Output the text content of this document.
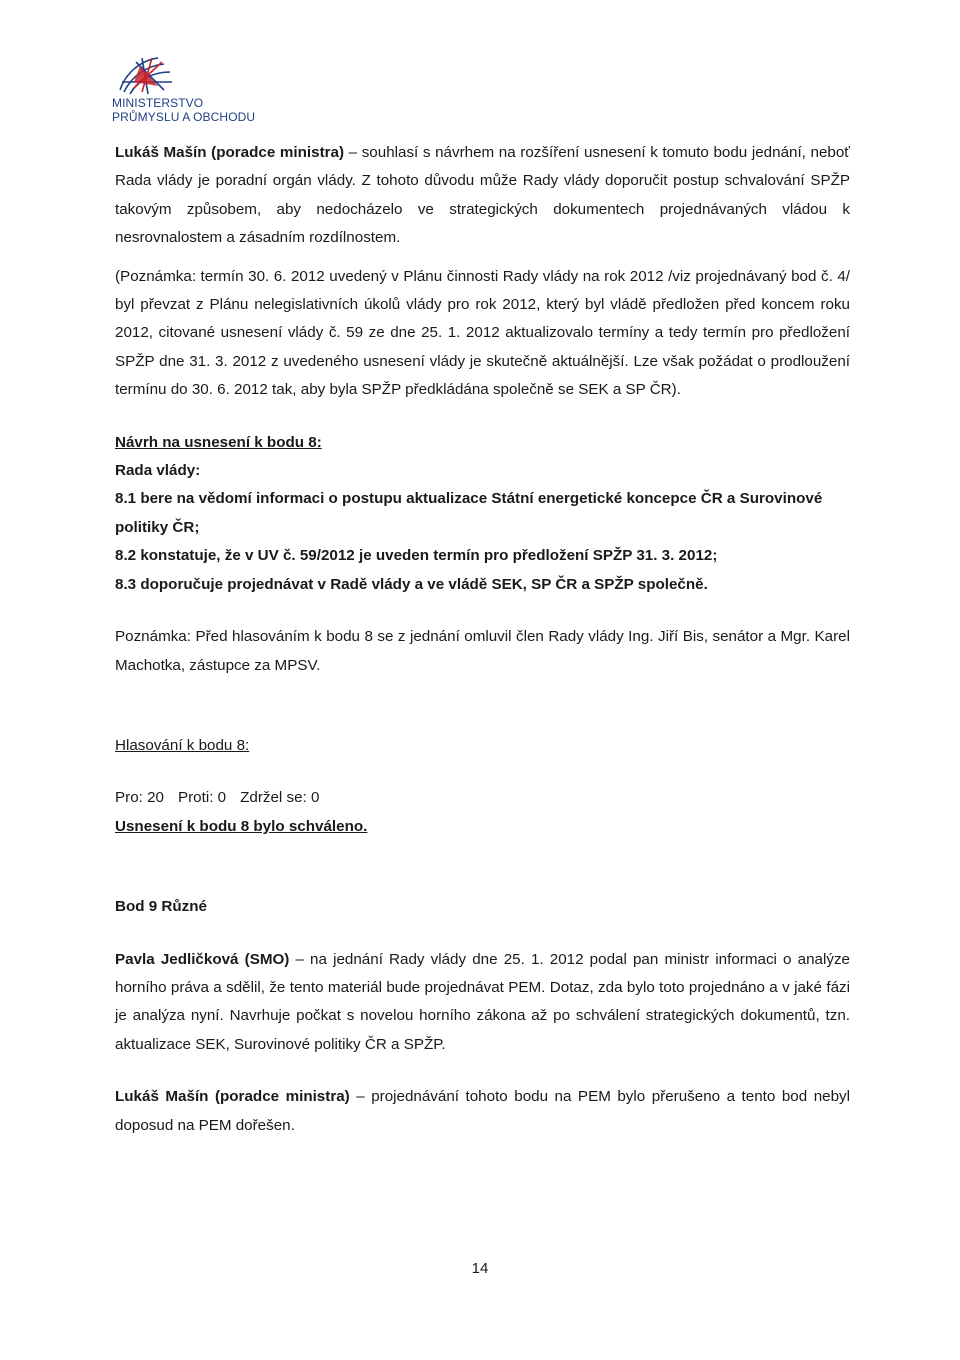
MINISTERSTVO
PRŮMYSLU A OBCHODU

Lukáš Mašín (poradce ministra) – souhlasí s návrhem na rozšíření usnesení k tomuto bodu jednání, neboť Rada vlády je poradní orgán vlády. Z tohoto důvodu může Rady vlády doporučit postup schvalování SPŽP takovým způsobem, aby nedocházelo ve strategických dokumentech projednávaných vládou k nesrovnalostem a zásadním rozdílnostem.

(Poznámka: termín 30. 6. 2012 uvedený v Plánu činnosti Rady vlády na rok 2012 /viz projednávaný bod č. 4/ byl převzat z Plánu nelegislativních úkolů vlády pro rok 2012, který byl vládě předložen před koncem roku 2012, citované usnesení vlády č. 59 ze dne 25. 1. 2012 aktualizovalo termíny a tedy termín pro předložení SPŽP dne 31. 3. 2012 z uvedeného usnesení vlády je skutečně aktuálnější. Lze však požádat o prodloužení termínu do 30. 6. 2012 tak, aby byla SPŽP předkládána společně se SEK a SP ČR).

Návrh na usnesení k bodu 8:

Rada vlády:

8.1 bere na vědomí informaci o postupu aktualizace Státní energetické koncepce ČR a Surovinové politiky ČR;

8.2 konstatuje, že v UV č. 59/2012 je uveden termín pro předložení SPŽP 31. 3. 2012;

8.3 doporučuje projednávat v Radě vlády a ve vládě SEK, SP ČR a SPŽP společně.

Poznámka: Před hlasováním k bodu 8 se z jednání omluvil člen Rady vlády Ing. Jiří Bis, senátor a Mgr. Karel Machotka, zástupce za MPSV.

Hlasování k bodu 8:

Pro: 20 Proti: 0 Zdržel se: 0

Usnesení k bodu 8 bylo schváleno.

Bod 9 Různé

Pavla Jedličková (SMO) – na jednání Rady vlády dne 25. 1. 2012 podal pan ministr informaci o analýze horního práva a sdělil, že tento materiál bude projednávat PEM. Dotaz, zda bylo toto projednáno a v jaké fázi je analýza nyní. Navrhuje počkat s novelou horního zákona až po schválení strategických dokumentů, tzn. aktualizace SEK, Surovinové politiky ČR a SPŽP.

Lukáš Mašín (poradce ministra) – projednávání tohoto bodu na PEM bylo přerušeno a tento bod nebyl doposud na PEM dořešen.

14
